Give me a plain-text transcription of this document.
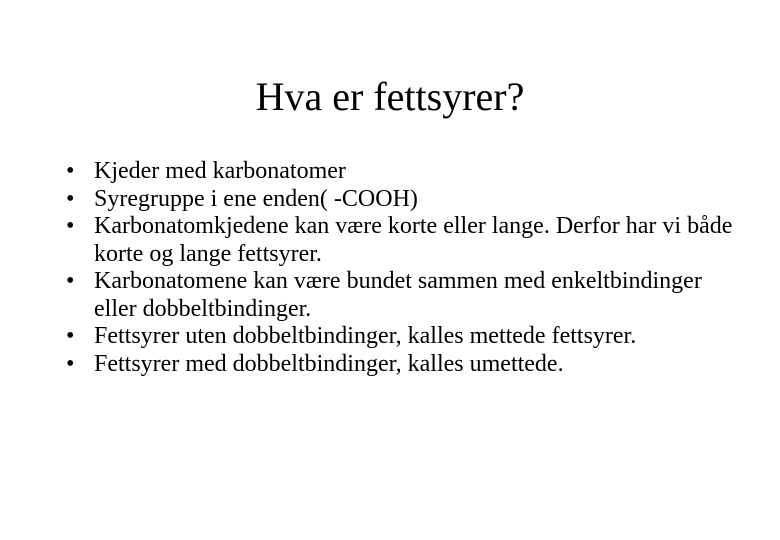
Hva er fettsyrer?
• Kjeder med karbonatomer
• Syregruppe i ene enden( -COOH)
• Karbonatomkjedene kan være korte eller lange. Derfor har vi både korte og lange fettsyrer.
• Karbonatomene kan være bundet sammen med enkeltbindinger eller dobbeltbindinger.
• Fettsyrer uten dobbeltbindinger, kalles mettede fettsyrer.
• Fettsyrer med dobbeltbindinger, kalles umettede.
